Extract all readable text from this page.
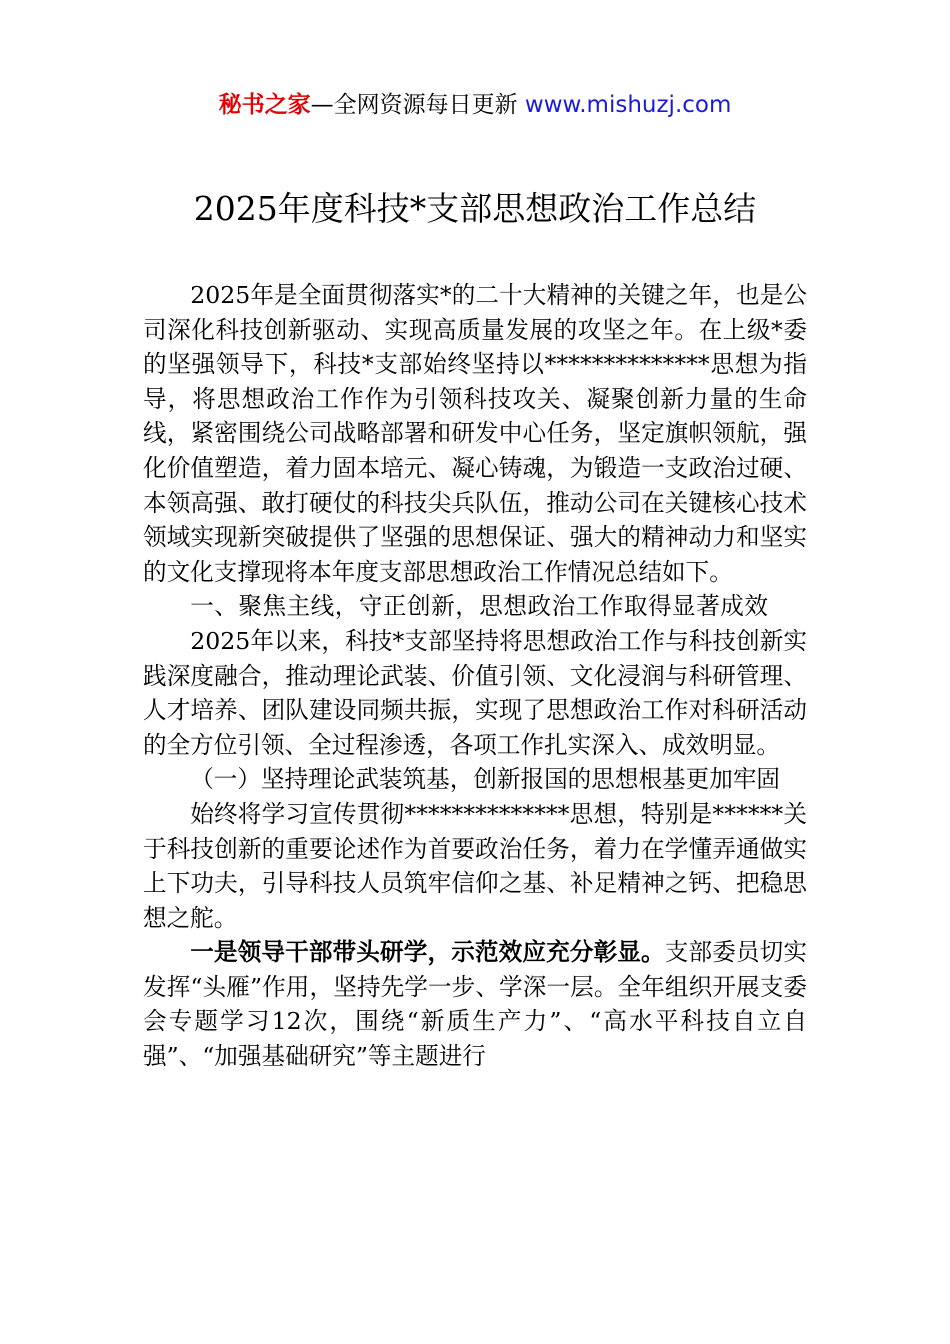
秘书之家—全网资源每日更新 www.mishuzj.com
2025年度科技*支部思想政治工作总结

2025年是全面贯彻落实*的二十大精神的关键之年，也是公司深化科技创新驱动、实现高质量发展的攻坚之年。在上级*委的坚强领导下，科技*支部始终坚持以**************思想为指导，将思想政治工作作为引领科技攻关、凝聚创新力量的生命线，紧密围绕公司战略部署和研发中心任务，坚定旗帜领航，强化价值塑造，着力固本培元、凝心铸魂，为锻造一支政治过硬、本领高强、敢打硬仗的科技尖兵队伍，推动公司在关键核心技术领域实现新突破提供了坚强的思想保证、强大的精神动力和坚实的文化支撑现将本年度支部思想政治工作情况总结如下。

一、聚焦主线，守正创新，思想政治工作取得显著成效

2025年以来，科技*支部坚持将思想政治工作与科技创新实践深度融合，推动理论武装、价值引领、文化浸润与科研管理、人才培养、团队建设同频共振，实现了思想政治工作对科研活动的全方位引领、全过程渗透，各项工作扎实深入、成效明显。

（一）坚持理论武装筑基，创新报国的思想根基更加牢固

始终将学习宣传贯彻**************思想，特别是******关于科技创新的重要论述作为首要政治任务，着力在学懂弄通做实上下功夫，引导科技人员筑牢信仰之基、补足精神之钙、把稳思想之舵。

一是领导干部带头研学，示范效应充分彰显。支部委员切实发挥“头雁”作用，坚持先学一步、学深一层。全年组织开展支委会专题学习12次，围绕“新质生产力”、“高水平科技自立自强”、“加强基础研究”等主题进行
